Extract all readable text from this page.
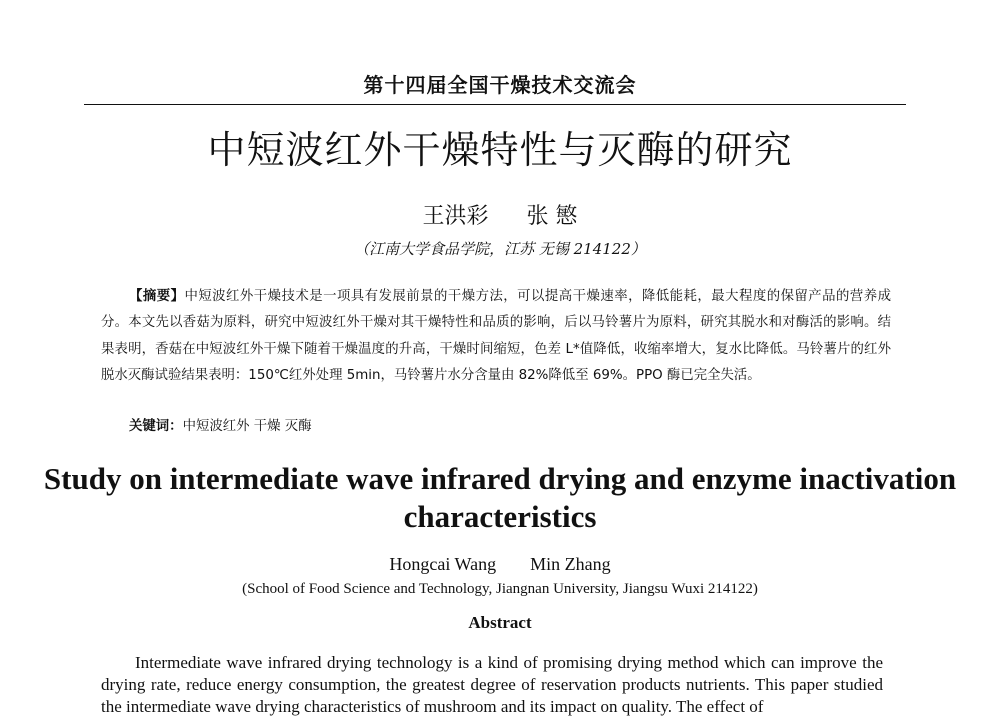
第十四届全国干燥技术交流会
中短波红外干燥特性与灭酶的研究
王洪彩 张 慜
（江南大学食品学院，江苏 无锡 214122）

【摘要】中短波红外干燥技术是一项具有发展前景的干燥方法，可以提高干燥速率，降低能耗，最大程度的保留产品的营养成分。本文先以香菇为原料，研究中短波红外干燥对其干燥特性和品质的影响，后以马铃薯片为原料，研究其脱水和对酶活的影响。结果表明，香菇在中短波红外干燥下随着干燥温度的升高，干燥时间缩短，色差 L*值降低，收缩率增大，复水比降低。马铃薯片的红外脱水灭酶试验结果表明：150℃红外处理 5min，马铃薯片水分含量由 82%降低至 69%。PPO 酶已完全失活。

关键词：中短波红外 干燥 灭酶
Study on intermediate wave infrared drying and enzyme inactivation characteristics
Hongcai Wang Min Zhang
(School of Food Science and Technology, Jiangnan University, Jiangsu Wuxi 214122)
Abstract

Intermediate wave infrared drying technology is a kind of promising drying method which can improve the drying rate, reduce energy consumption, the greatest degree of reservation products nutrients. This paper studied the intermediate wave drying characteristics of mushroom and its impact on quality. The effect of
